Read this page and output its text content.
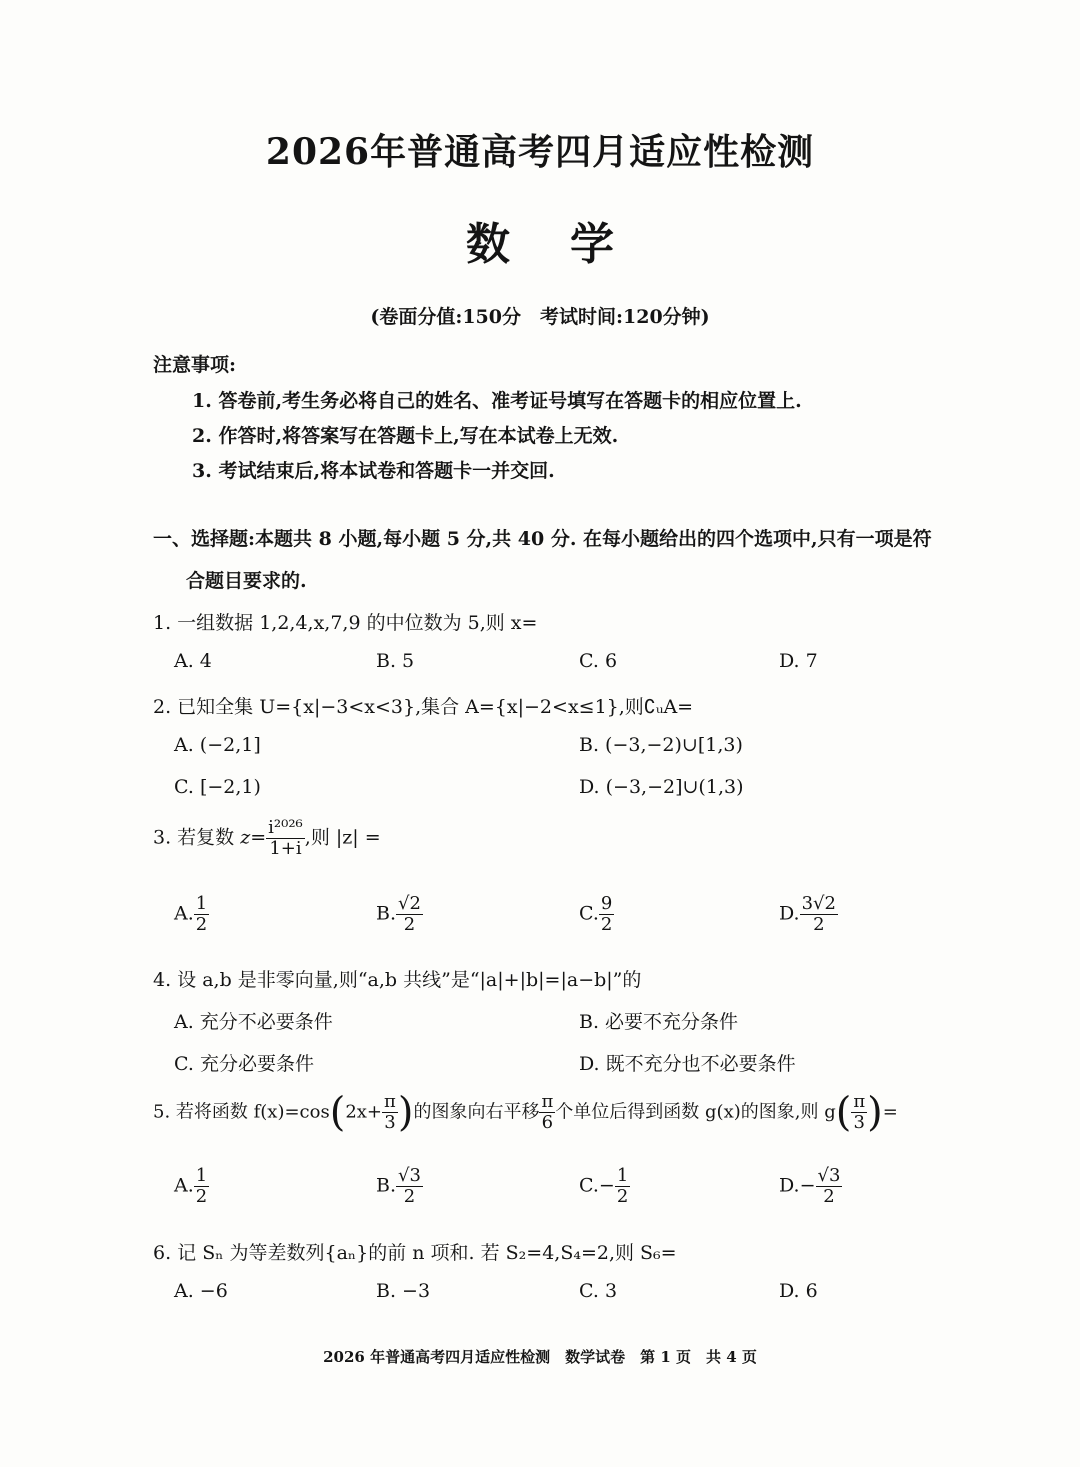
2026年普通高考四月适应性检测
数学
(卷面分值:150分　考试时间:120分钟)
注意事项:
1. 答卷前,考生务必将自己的姓名、准考证号填写在答题卡的相应位置上.
2. 作答时,将答案写在答题卡上,写在本试卷上无效.
3. 考试结束后,将本试卷和答题卡一并交回.
一、选择题:本题共 8 小题,每小题 5 分,共 40 分. 在每小题给出的四个选项中,只有一项是符
合题目要求的.
1. 一组数据 1,2,4,x,7,9 的中位数为 5,则 x=
A. 4	B. 5	C. 6	D. 7
2. 已知全集 U={x|−3<x<3},集合 A={x|−2<x≤1},则∁ᵤA=
A. (−2,1]	B. (−3,−2)∪[1,3)
C. [−2,1)	D. (−3,−2]∪(1,3)
3. 若复数 $z= \frac{\text{i²⁰²⁶}}{1+i}$ ,则 |z| =
A. $\frac{1}{2}$	B. $\frac{√2}{2}$	C. $\frac{9}{2}$	D. $\frac{3√2}{2}$
4. 设 a,b 是非零向量,则“a,b 共线”是“|a|+|b|=|a−b|”的
A. 充分不必要条件	B. 必要不充分条件
C. 充分必要条件	D. 既不充分也不必要条件
5. 若将函数 $f(x)=\cos(2x+ \frac{\pi}{3}$ )的图象向右平移 $\frac{\pi}{6}$ 个单位后得到函数 g(x)的图象,则 $g( \frac{\pi}{3}$ )=
A. $\frac{1}{2}$	B. $\frac{√3}{2}$	$C.- \frac{1}{2}$	$D.- \frac{√3}{2}$
6. 记 Sₙ 为等差数列{aₙ}的前 n 项和. 若 S₂=4,S₄=2,则 S₆=
A. −6	B. −3	C. 3	D. 6
2026 年普通高考四月适应性检测　数学试卷　第 1 页　共 4 页
